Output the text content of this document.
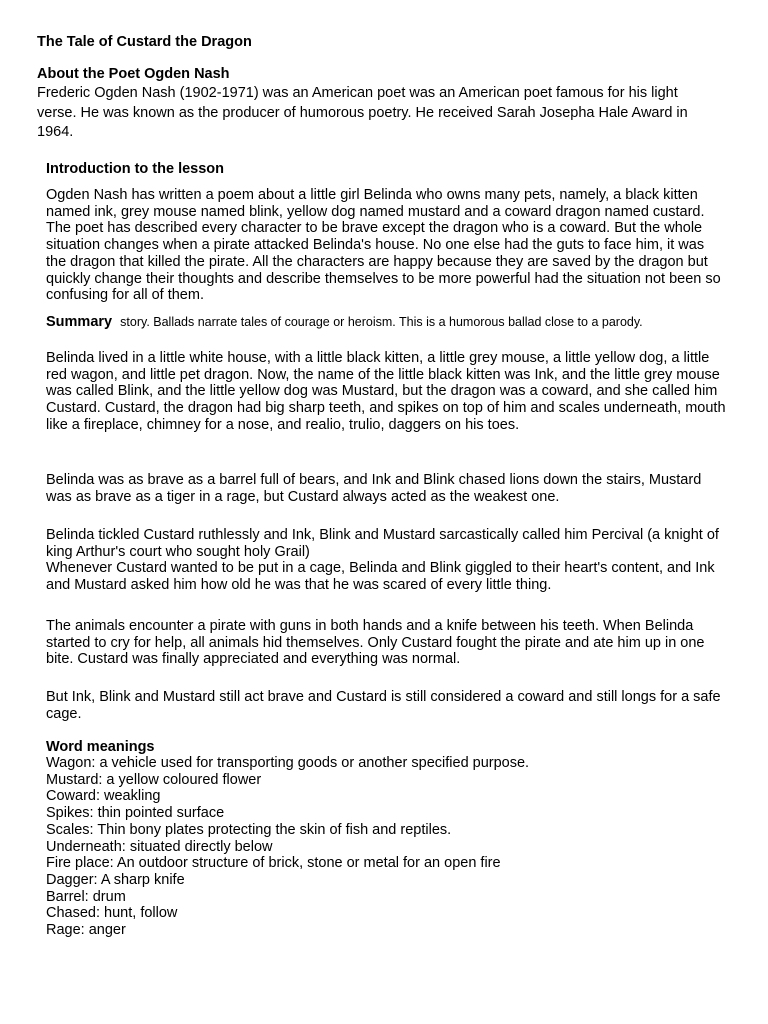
The Tale of Custard the Dragon
About the Poet Ogden Nash

Frederic Ogden Nash (1902-1971) was an American poet was an American poet famous for his light verse. He was known as the producer of humorous poetry. He received Sarah Josepha Hale Award in 1964.

Introduction to the lesson

Ogden Nash has written a poem about a little girl Belinda who owns many pets, namely, a black kitten named ink, grey mouse named blink, yellow dog named mustard and a coward dragon named custard. The poet has described every character to be brave except the dragon who is a coward. But the whole situation changes when a pirate attacked Belinda's house. No one else had the guts to face him, it was the dragon that killed the pirate. All the characters are happy because they are saved by the dragon but quickly change their thoughts and describe themselves to be more powerful had the situation not been so confusing for all of them.

Summary story. Ballads narrate tales of courage or heroism. This is a humorous ballad close to a parody.

Belinda lived in a little white house, with a little black kitten, a little grey mouse, a little yellow dog, a little red wagon, and little pet dragon. Now, the name of the little black kitten was Ink, and the little grey mouse was called Blink, and the little yellow dog was Mustard, but the dragon was a coward, and she called him Custard. Custard, the dragon had big sharp teeth, and spikes on top of him and scales underneath, mouth like a fireplace, chimney for a nose, and realio, trulio, daggers on his toes.

Belinda was as brave as a barrel full of bears, and Ink and Blink chased lions down the stairs, Mustard was as brave as a tiger in a rage, but Custard always acted as the weakest one.

Belinda tickled Custard ruthlessly and Ink, Blink and Mustard sarcastically called him Percival (a knight of king Arthur's court who sought holy Grail)
Whenever Custard wanted to be put in a cage, Belinda and Blink giggled to their heart's content, and Ink and Mustard asked him how old he was that he was scared of every little thing.

The animals encounter a pirate with guns in both hands and a knife between his teeth. When Belinda started to cry for help, all animals hid themselves. Only Custard fought the pirate and ate him up in one bite. Custard was finally appreciated and everything was normal.

But Ink, Blink and Mustard still act brave and Custard is still considered a coward and still longs for a safe cage.

Word meanings
Wagon: a vehicle used for transporting goods or another specified purpose.
Mustard: a yellow coloured flower
Coward: weakling
Spikes: thin pointed surface
Scales: Thin bony plates protecting the skin of fish and reptiles.
Underneath: situated directly below
Fire place: An outdoor structure of brick, stone or metal for an open fire
Dagger: A sharp knife
Barrel: drum
Chased: hunt, follow
Rage: anger
